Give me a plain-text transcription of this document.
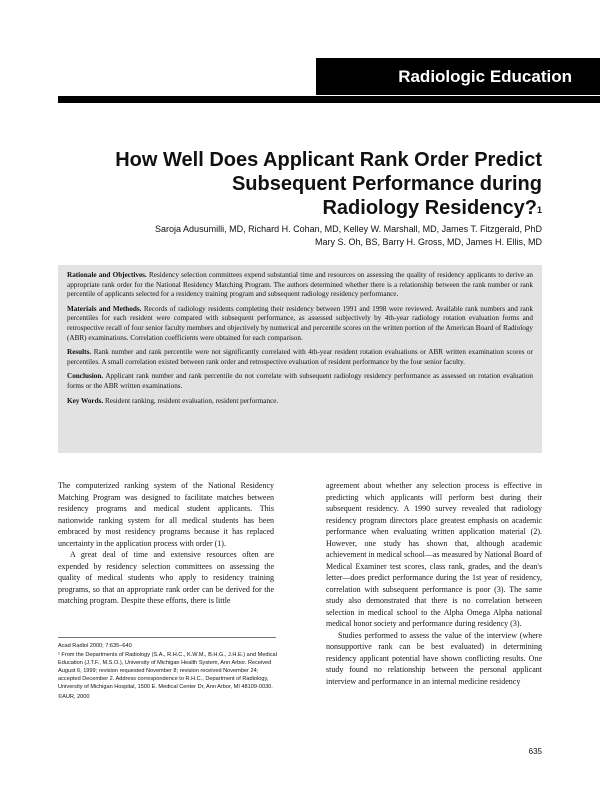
Radiologic Education
How Well Does Applicant Rank Order Predict
Subsequent Performance during
Radiology Residency?$^1$
Saroja Adusumilli, MD, Richard H. Cohan, MD, Kelley W. Marshall, MD, James T. Fitzgerald, PhD
Mary S. Oh, BS, Barry H. Gross, MD, James H. Ellis, MD

Rationale and Objectives. Residency selection committees expend substantial time and resources on assessing the quality of residency applicants to derive an appropriate rank order for the National Residency Matching Program. The authors determined whether there is a relationship between the rank number or rank percentile of applicants selected for a residency training program and subsequent radiology residency performance.

Materials and Methods. Records of radiology residents completing their residency between 1991 and 1998 were reviewed. Available rank numbers and rank percentiles for each resident were compared with subsequent performance, as assessed subjectively by 4th-year radiology rotation evaluation forms and retrospective recall of four senior faculty members and objectively by numerical and percentile scores on the written portion of the American Board of Radiology (ABR) examinations. Correlation coefficients were obtained for each comparison.

Results. Rank number and rank percentile were not significantly correlated with 4th-year resident rotation evaluations or ABR written examination scores or percentiles. A small correlation existed between rank order and retrospective evaluation of resident performance by the four senior faculty.

Conclusion. Applicant rank number and rank percentile do not correlate with subsequent radiology residency performance as assessed on rotation evaluation forms or the ABR written examinations.

Key Words. Resident ranking, resident evaluation, resident performance.

The computerized ranking system of the National Residency Matching Program was designed to facilitate matches between residency programs and medical student applicants. This nationwide ranking system for all medical students has been embraced by most residency programs because it has replaced uncertainty in the application process with order (1).

A great deal of time and extensive resources often are expended by residency selection committees on assessing the quality of medical students who apply to residency training programs, so that an appropriate rank order can be derived for the matching program. Despite these efforts, there is little

agreement about whether any selection process is effective in predicting which applicants will perform best during their subsequent residency. A 1990 survey revealed that radiology residency program directors place greatest emphasis on academic performance when evaluating written application material (2). However, one study has shown that, although academic achievement in medical school—as measured by National Board of Medical Examiner test scores, class rank, grades, and the dean's letter—does predict performance during the 1st year of residency, correlation with subsequent performance is poor (3). The same study also demonstrated that there is no correlation between selection in medical school to the Alpha Omega Alpha national medical honor society and performance during residency (3).

Studies performed to assess the value of the interview (where nonsupportive rank can be best evaluated) in determining residency applicant potential have shown conflicting results. One study found no relationship between the personal applicant interview and performance in an internal medicine residency

Acad Radiol 2000; 7:635–640

¹ From the Departments of Radiology (S.A., R.H.C., K.W.M., B.H.G., J.H.E.) and Medical Education (J.T.F., M.S.O.), University of Michigan Health System, Ann Arbor. Received August 6, 1999; revision requested November 8; revision received November 24; accepted December 2. Address correspondence to R.H.C., Department of Radiology, University of Michigan Hospital, 1500 E. Medical Center Dr, Ann Arbor, MI 48109-0030.

©AUR, 2000

635
